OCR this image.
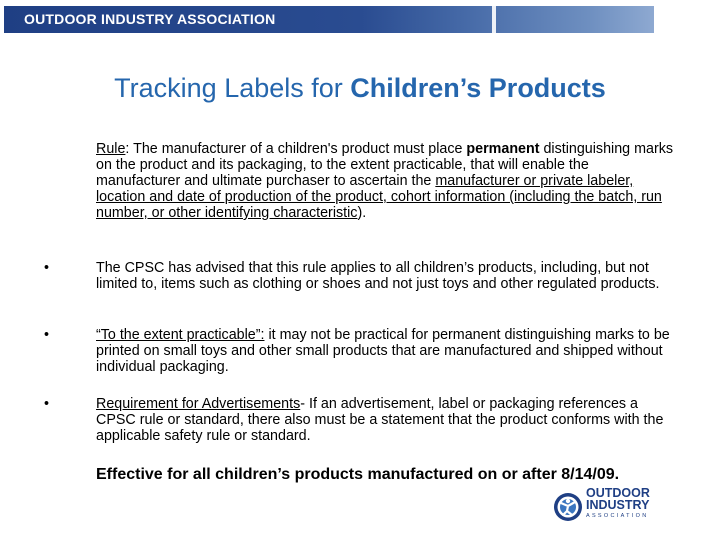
OUTDOOR INDUSTRY ASSOCIATION
Tracking Labels for Children’s Products
Rule: The manufacturer of a children's product must place permanent distinguishing marks on the product and its packaging, to the extent practicable, that will enable the manufacturer and ultimate purchaser to ascertain the manufacturer or private labeler, location and date of production of the product, cohort information (including the batch, run number, or other identifying characteristic).
•	The CPSC has advised that this rule applies to all children’s products, including, but not limited to, items such as clothing or shoes and not just toys and other regulated products.
•	“To the extent practicable”: it may not be practical for permanent distinguishing marks to be printed on small toys and other small products that are manufactured and shipped without individual packaging.
•	Requirement for Advertisements- If an advertisement, label or packaging references a CPSC rule or standard, there also must be a statement that the product conforms with the applicable safety rule or standard.
Effective for all children’s products manufactured on or after 8/14/09.
OUTDOOR
INDUSTRY
ASSOCIATION
